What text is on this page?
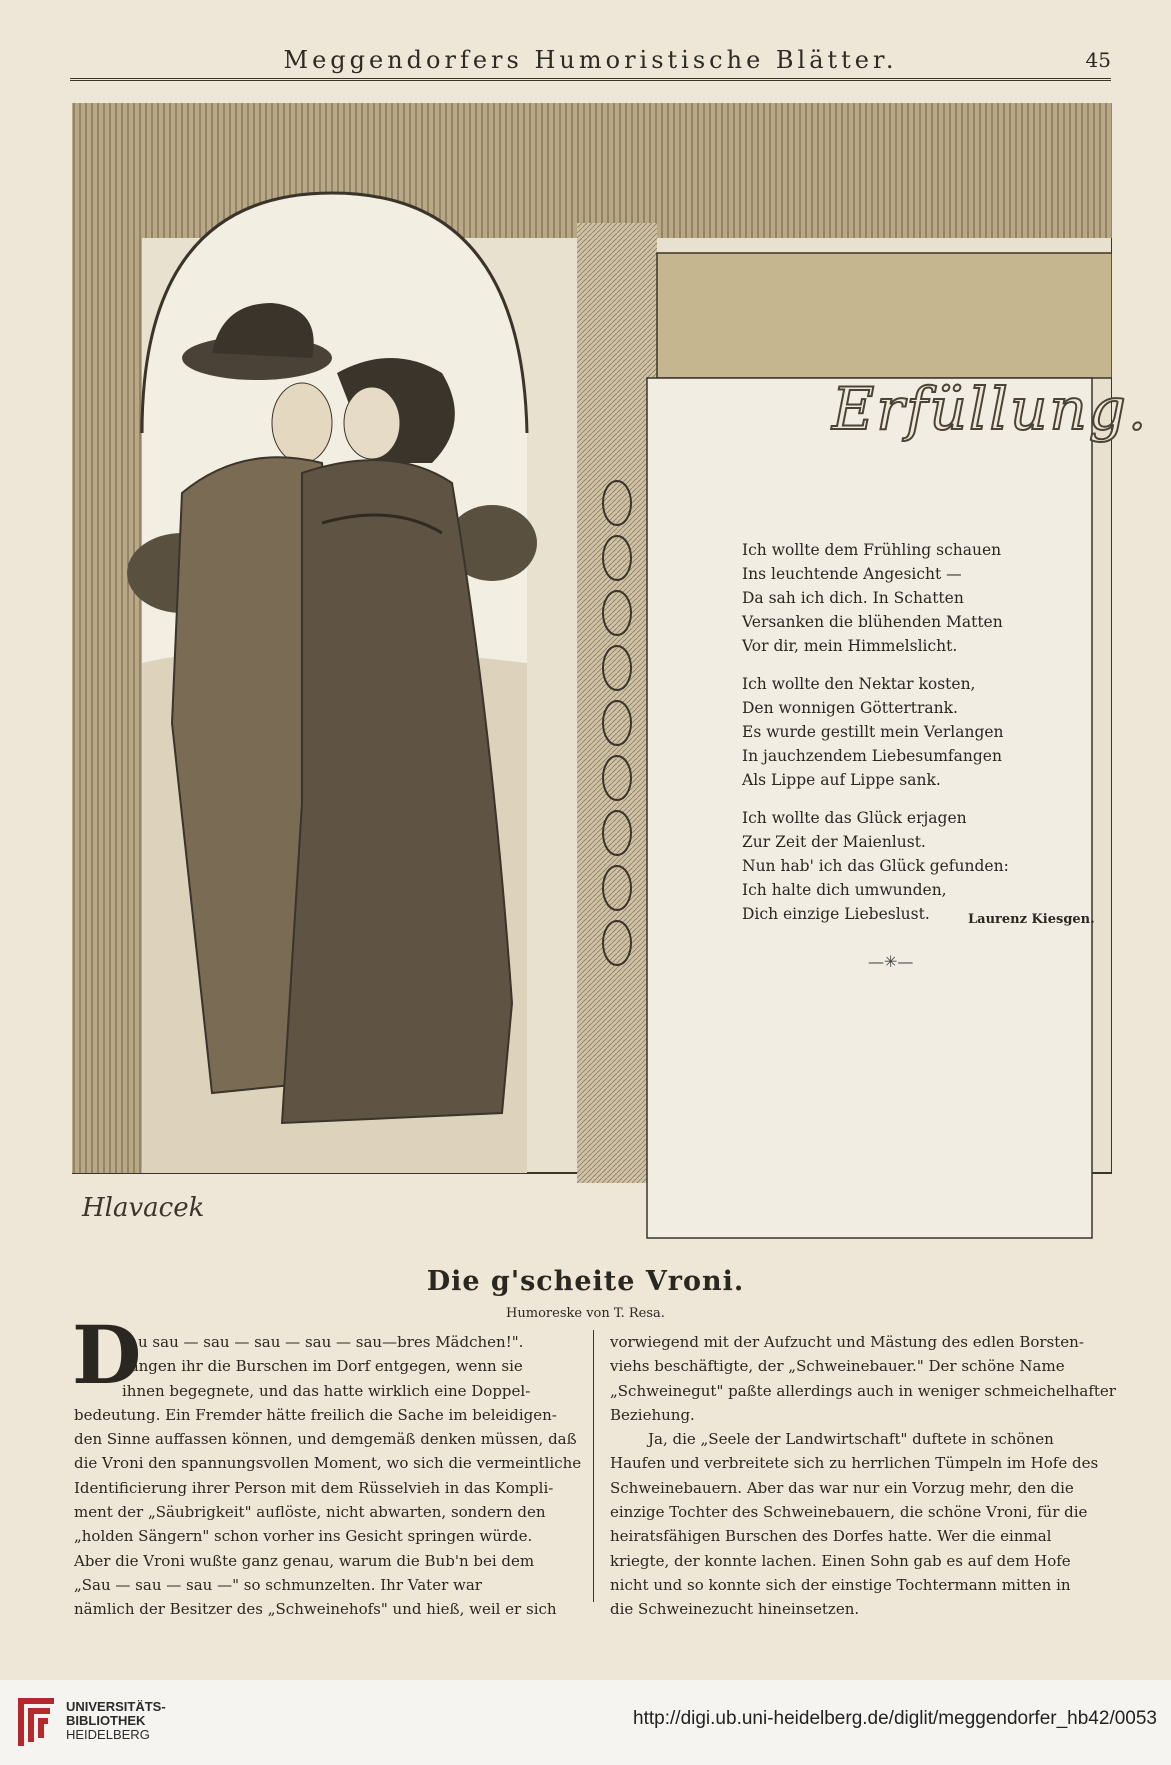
Meggendorfers Humoristische Blätter.	45
Erfüllung.
Hlavacek
Ich wollte dem Frühling schauen
Ins leuchtende Angesicht —
Da sah ich dich. In Schatten
Versanken die blühenden Matten
Vor dir, mein Himmelslicht.
Ich wollte den Nektar kosten,
Den wonnigen Göttertrank.
Es wurde gestillt mein Verlangen
In jauchzendem Liebesumfangen
Als Lippe auf Lippe sank.
Ich wollte das Glück erjagen
Zur Zeit der Maienlust.
Nun hab' ich das Glück gefunden:
Ich halte dich umwunden,
Dich einzige Liebeslust.	Laurenz Kiesgen.
—✳—
Die g'scheite Vroni.
Humoreske von T. Resa.
D
u sau — sau — sau — sau — sau—bres Mädchen!".
sangen ihr die Burschen im Dorf entgegen, wenn sie
ihnen begegnete, und das hatte wirklich eine Doppel-
bedeutung. Ein Fremder hätte freilich die Sache im beleidigen-
den Sinne auffassen können, und demgemäß denken müssen, daß
die Vroni den spannungsvollen Moment, wo sich die vermeintliche
Identificierung ihrer Person mit dem Rüsselvieh in das Kompli-
ment der „Säubrigkeit" auflöste, nicht abwarten, sondern den
„holden Sängern" schon vorher ins Gesicht springen würde.
Aber die Vroni wußte ganz genau, warum die Bub'n bei dem
„Sau — sau — sau —" so schmunzelten. Ihr Vater war
nämlich der Besitzer des „Schweinehofs" und hieß, weil er sich
vorwiegend mit der Aufzucht und Mästung des edlen Borsten-
viehs beschäftigte, der „Schweinebauer." Der schöne Name
„Schweinegut" paßte allerdings auch in weniger schmeichelhafter
Beziehung.
Ja, die „Seele der Landwirtschaft" duftete in schönen
Haufen und verbreitete sich zu herrlichen Tümpeln im Hofe des
Schweinebauern. Aber das war nur ein Vorzug mehr, den die
einzige Tochter des Schweinebauern, die schöne Vroni, für die
heiratsfähigen Burschen des Dorfes hatte. Wer die einmal
kriegte, der konnte lachen. Einen Sohn gab es auf dem Hofe
nicht und so konnte sich der einstige Tochtermann mitten in
die Schweinezucht hineinsetzen.
UNIVERSITÄTS-
BIBLIOTHEK
HEIDELBERG
http://digi.ub.uni-heidelberg.de/diglit/meggendorfer_hb42/0053
